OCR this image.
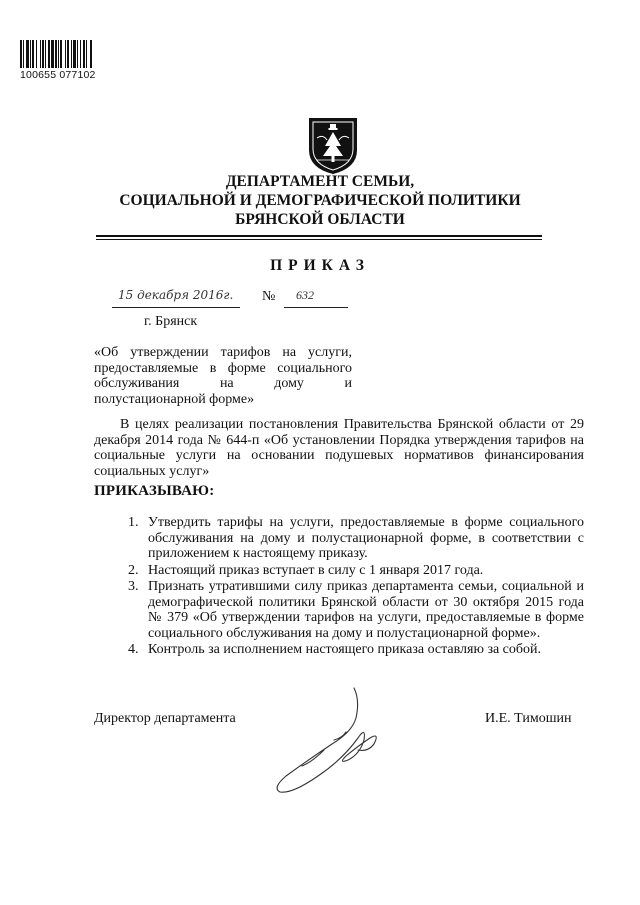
100655 077102
ДЕПАРТАМЕНТ СЕМЬИ,
СОЦИАЛЬНОЙ И ДЕМОГРАФИЧЕСКОЙ ПОЛИТИКИ
БРЯНСКОЙ ОБЛАСТИ
ПРИКАЗ
15 декабря 2016г. № 632
г. Брянск
«Об утверждении тарифов на услуги,
предоставляемые в форме социального
обслуживания на дому и
полустационарной форме»
В целях реализации постановления Правительства Брянской области от 29 декабря 2014 года № 644-п «Об установлении Порядка утверждения тарифов на социальные услуги на основании подушевых нормативов финансирования социальных услуг»
ПРИКАЗЫВАЮ:
1. Утвердить тарифы на услуги, предоставляемые в форме социального обслуживания на дому и полустационарной форме, в соответствии с приложением к настоящему приказу.
2. Настоящий приказ вступает в силу с 1 января 2017 года.
3. Признать утратившими силу приказ департамента семьи, социальной и демографической политики Брянской области от 30 октября 2015 года № 379 «Об утверждении тарифов на услуги, предоставляемые в форме социального обслуживания на дому и полустационарной форме».
4. Контроль за исполнением настоящего приказа оставляю за собой.
Директор департамента	И.Е. Тимошин
